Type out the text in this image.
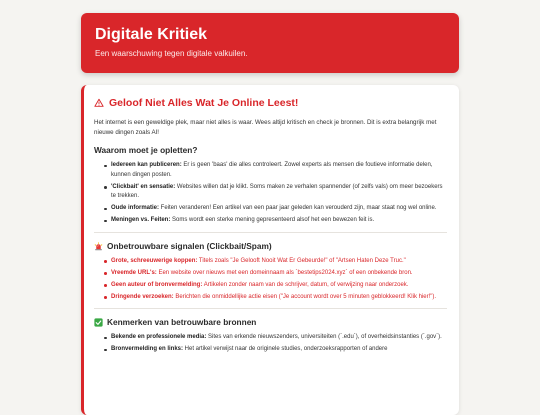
Digitale Kritiek
Een waarschuwing tegen digitale valkuilen.
Geloof Niet Alles Wat Je Online Leest!

Het internet is een geweldige plek, maar niet alles is waar. Wees altijd kritisch en check je bronnen. Dit is extra belangrijk met nieuwe dingen zoals AI!

Waarom moet je opletten?
Iedereen kan publiceren: Er is geen 'baas' die alles controleert. Zowel experts als mensen die foutieve informatie delen, kunnen dingen posten.
'Clickbait' en sensatie: Websites willen dat je klikt. Soms maken ze verhalen spannender (of zelfs vals) om meer bezoekers te trekken.
Oude informatie: Feiten veranderen! Een artikel van een paar jaar geleden kan verouderd zijn, maar staat nog wel online.
Meningen vs. Feiten: Soms wordt een sterke mening gepresenteerd alsof het een bewezen feit is.
Onbetrouwbare signalen (Clickbait/Spam)
Grote, schreeuwerige koppen: Titels zoals "Je Gelooft Nooit Wat Er Gebeurde!" of "Artsen Haten Deze Truc."
Vreemde URL's: Een website over nieuws met een domeinnaam als `bestetips2024.xyz` of een onbekende bron.
Geen auteur of bronvermelding: Artikelen zonder naam van de schrijver, datum, of verwijzing naar onderzoek.
Dringende verzoeken: Berichten die onmiddellijke actie eisen ("Je account wordt over 5 minuten geblokkeerd! Klik hier!").
Kenmerken van betrouwbare bronnen
Bekende en professionele media: Sites van erkende nieuwszenders, universiteiten (`.edu`), of overheidsinstanties (`.gov`).
Bronvermelding en links: Het artikel verwijst naar de originele studies, onderzoeksrapporten of andere
